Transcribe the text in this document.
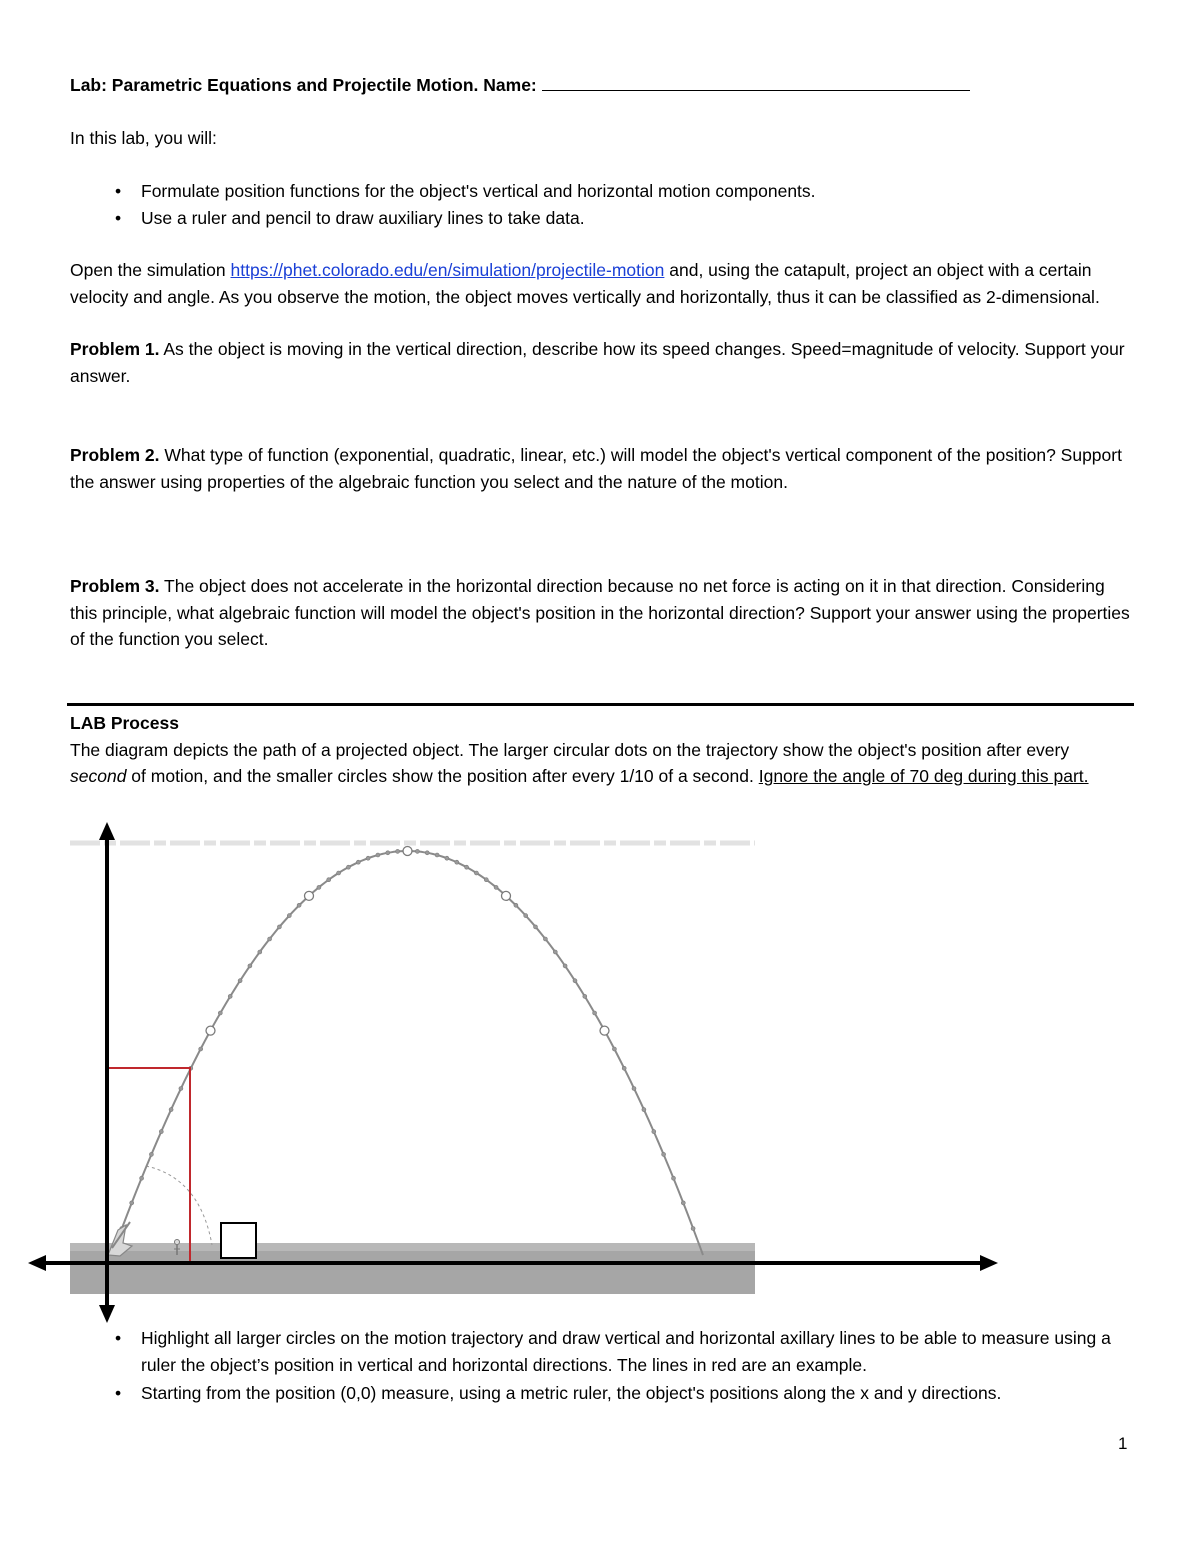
Lab: Parametric Equations and Projectile Motion. Name:

In this lab, you will:

• Formulate position functions for the object's vertical and horizontal motion components.
• Use a ruler and pencil to draw auxiliary lines to take data.

Open the simulation https://phet.colorado.edu/en/simulation/projectile-motion and, using the catapult, project an object with a certain velocity and angle. As you observe the motion, the object moves vertically and horizontally, thus it can be classified as 2-dimensional.

Problem 1. As the object is moving in the vertical direction, describe how its speed changes. Speed=magnitude of velocity. Support your answer.

Problem 2. What type of function (exponential, quadratic, linear, etc.) will model the object's vertical component of the position? Support the answer using properties of the algebraic function you select and the nature of the motion.

Problem 3. The object does not accelerate in the horizontal direction because no net force is acting on it in that direction. Considering this principle, what algebraic function will model the object's position in the horizontal direction? Support your answer using the properties of the function you select.

LAB Process
The diagram depicts the path of a projected object. The larger circular dots on the trajectory show the object's position after every second of motion, and the smaller circles show the position after every 1/10 of a second. Ignore the angle of 70 deg during this part.

• Highlight all larger circles on the motion trajectory and draw vertical and horizontal axillary lines to be able to measure using a ruler the object’s position in vertical and horizontal directions. The lines in red are an example.
• Starting from the position (0,0) measure, using a metric ruler, the object's positions along the x and y directions.
1
